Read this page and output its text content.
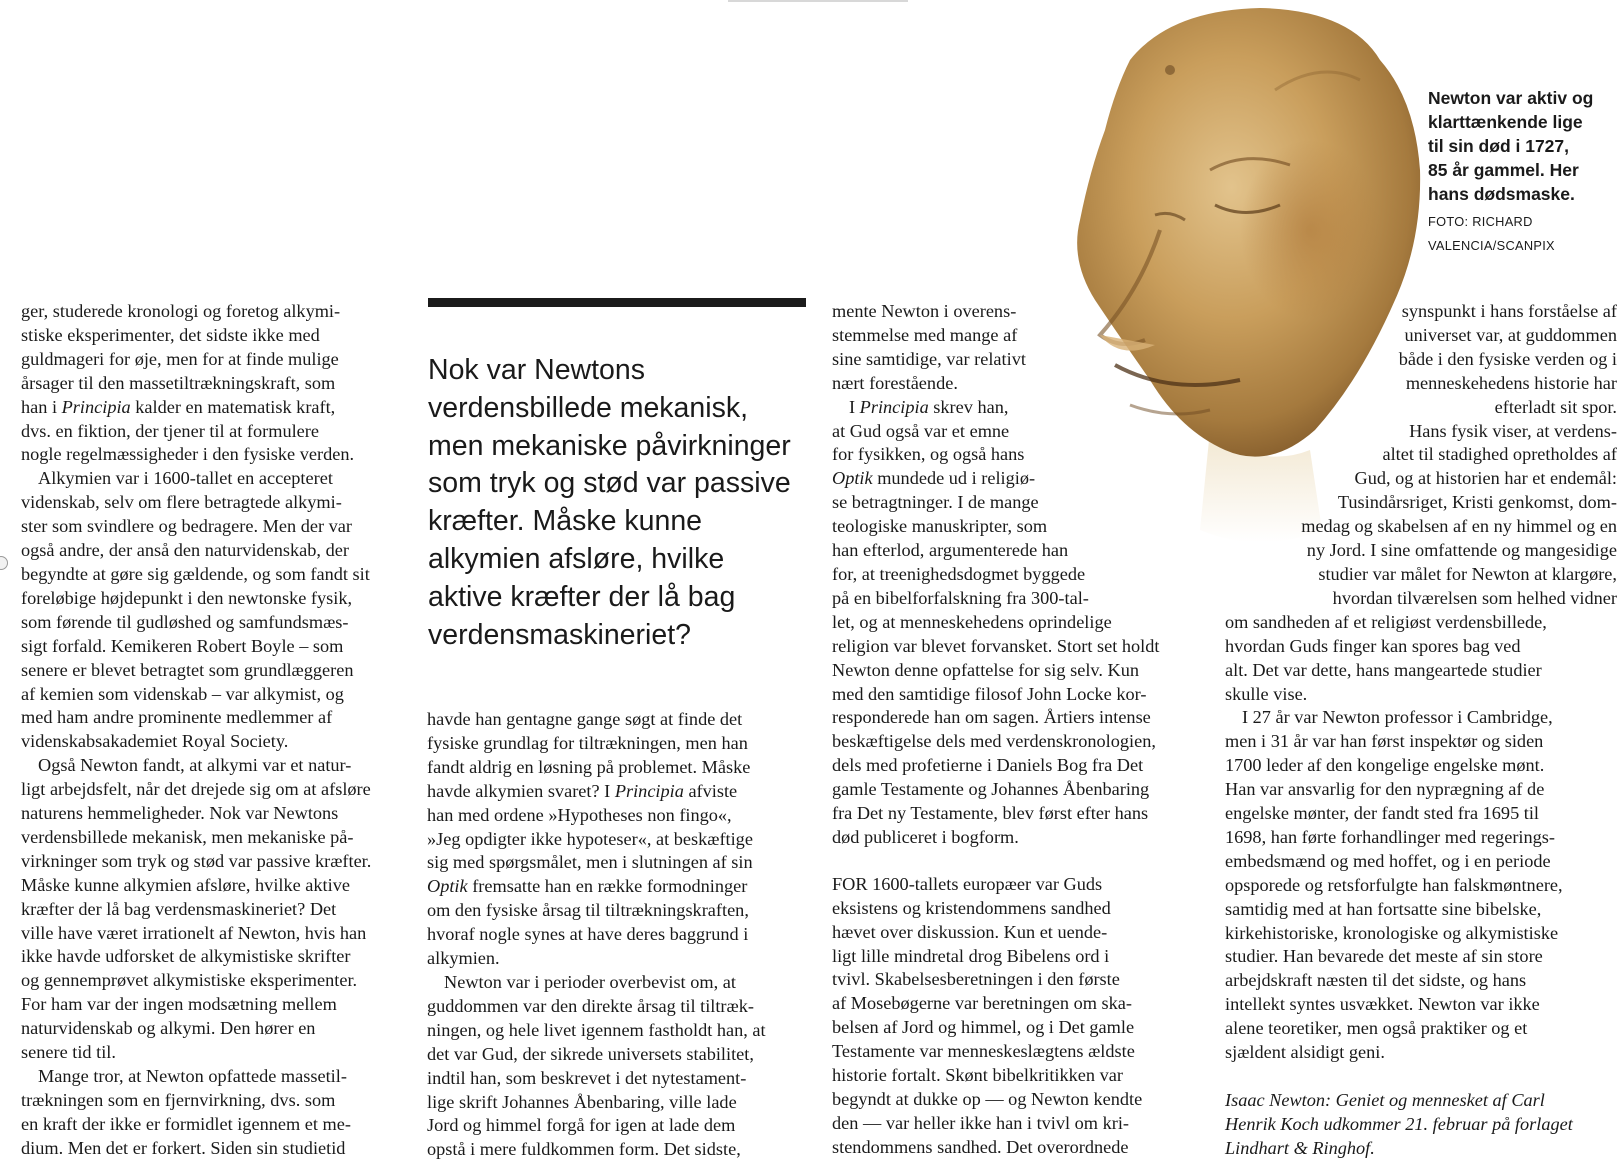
Newton var aktiv og
klarttænkende lige
til sin død i 1727,
85 år gammel. Her
hans dødsmaske.
FOTO: RICHARD
VALENCIA/SCANPIX

ger, studerede kronologi og foretog alkymi-
stiske eksperimenter, det sidste ikke med
guldmageri for øje, men for at finde mulige
årsager til den massetiltrækningskraft, som
han i Principia kalder en matematisk kraft,
dvs. en fiktion, der tjener til at formulere
nogle regelmæssigheder i den fysiske verden.

Alkymien var i 1600-tallet en accepteret
videnskab, selv om flere betragtede alkymi-
ster som svindlere og bedragere. Men der var
også andre, der anså den naturvidenskab, der
begyndte at gøre sig gældende, og som fandt sit
foreløbige højdepunkt i den newtonske fysik,
som førende til gudløshed og samfundsmæs-
sigt forfald. Kemikeren Robert Boyle – som
senere er blevet betragtet som grundlæggeren
af kemien som videnskab – var alkymist, og
med ham andre prominente medlemmer af
videnskabsakademiet Royal Society.

Også Newton fandt, at alkymi var et natur-
ligt arbejdsfelt, når det drejede sig om at afsløre
naturens hemmeligheder. Nok var Newtons
verdensbillede mekanisk, men mekaniske på-
virkninger som tryk og stød var passive kræfter.
Måske kunne alkymien afsløre, hvilke aktive
kræfter der lå bag verdensmaskineriet? Det
ville have været irrationelt af Newton, hvis han
ikke havde udforsket de alkymistiske skrifter
og gennemprøvet alkymistiske eksperimenter.
For ham var der ingen modsætning mellem
naturvidenskab og alkymi. Den hører en
senere tid til.

Mange tror, at Newton opfattede massetil-
trækningen som en fjernvirkning, dvs. som
en kraft der ikke er formidlet igennem et me-
dium. Men det er forkert. Siden sin studietid

Nok var Newtons
verdensbillede mekanisk,
men mekaniske påvirkninger
som tryk og stød var passive
kræfter. Måske kunne
alkymien afsløre, hvilke
aktive kræfter der lå bag
verdensmaskineriet?

havde han gentagne gange søgt at finde det
fysiske grundlag for tiltrækningen, men han
fandt aldrig en løsning på problemet. Måske
havde alkymien svaret? I Principia afviste
han med ordene »Hypotheses non fingo«,
»Jeg opdigter ikke hypoteser«, at beskæftige
sig med spørgsmålet, men i slutningen af sin
Optik fremsatte han en række formodninger
om den fysiske årsag til tiltrækningskraften,
hvoraf nogle synes at have deres baggrund i
alkymien.

Newton var i perioder overbevist om, at
guddommen var den direkte årsag til tiltræk-
ningen, og hele livet igennem fastholdt han, at
det var Gud, der sikrede universets stabilitet,
indtil han, som beskrevet i det nytestament-
lige skrift Johannes Åbenbaring, ville lade
Jord og himmel forgå for igen at lade dem
opstå i mere fuldkommen form. Det sidste,

mente Newton i overens-
stemmelse med mange af
sine samtidige, var relativt
nært forestående.

I Principia skrev han,
at Gud også var et emne
for fysikken, og også hans
Optik mundede ud i religiø-
se betragtninger. I de mange
teologiske manuskripter, som
han efterlod, argumenterede han
for, at treenighedsdogmet byggede
på en bibelforfalskning fra 300-tal-
let, og at menneskehedens oprindelige
religion var blevet forvansket. Stort set holdt
Newton denne opfattelse for sig selv. Kun
med den samtidige filosof John Locke kor-
responderede han om sagen. Årtiers intense
beskæftigelse dels med verdenskronologien,
dels med profetierne i Daniels Bog fra Det
gamle Testamente og Johannes Åbenbaring
fra Det ny Testamente, blev først efter hans
død publiceret i bogform.

FOR 1600-tallets europæer var Guds
eksistens og kristendommens sandhed
hævet over diskussion. Kun et uende-
ligt lille mindretal drog Bibelens ord i
tvivl. Skabelsesberetningen i den første
af Mosebøgerne var beretningen om ska-
belsen af Jord og himmel, og i Det gamle
Testamente var menneskeslægtens ældste
historie fortalt. Skønt bibelkritikken var
begyndt at dukke op — og Newton kendte
den — var heller ikke han i tvivl om kri-
stendommens sandhed. Det overordnede

synspunkt i hans forståelse af
universet var, at guddommen
både i den fysiske verden og i
menneskehedens historie har
efterladt sit spor.

Hans fysik viser, at verdens-
altet til stadighed opretholdes af
Gud, og at historien har et endemål:
Tusindårsriget, Kristi genkomst, dom-
medag og skabelsen af en ny himmel og en
ny Jord. I sine omfattende og mangesidige
studier var målet for Newton at klargøre,
hvordan tilværelsen som helhed vidner
om sandheden af et religiøst verdensbillede,
hvordan Guds finger kan spores bag ved
alt. Det var dette, hans mangeartede studier
skulle vise.

I 27 år var Newton professor i Cambridge,
men i 31 år var han først inspektør og siden
1700 leder af den kongelige engelske mønt.
Han var ansvarlig for den nyprægning af de
engelske mønter, der fandt sted fra 1695 til
1698, han førte forhandlinger med regerings-
embedsmænd og med hoffet, og i en periode
opsporede og retsforfulgte han falskmøntnere,
samtidig med at han fortsatte sine bibelske,
kirkehistoriske, kronologiske og alkymistiske
studier. Han bevarede det meste af sin store
arbejdskraft næsten til det sidste, og hans
intellekt syntes usvækket. Newton var ikke
alene teoretiker, men også praktiker og et
sjældent alsidigt geni.

Isaac Newton: Geniet og mennesket af Carl
Henrik Koch udkommer 21. februar på forlaget
Lindhart & Ringhof.
